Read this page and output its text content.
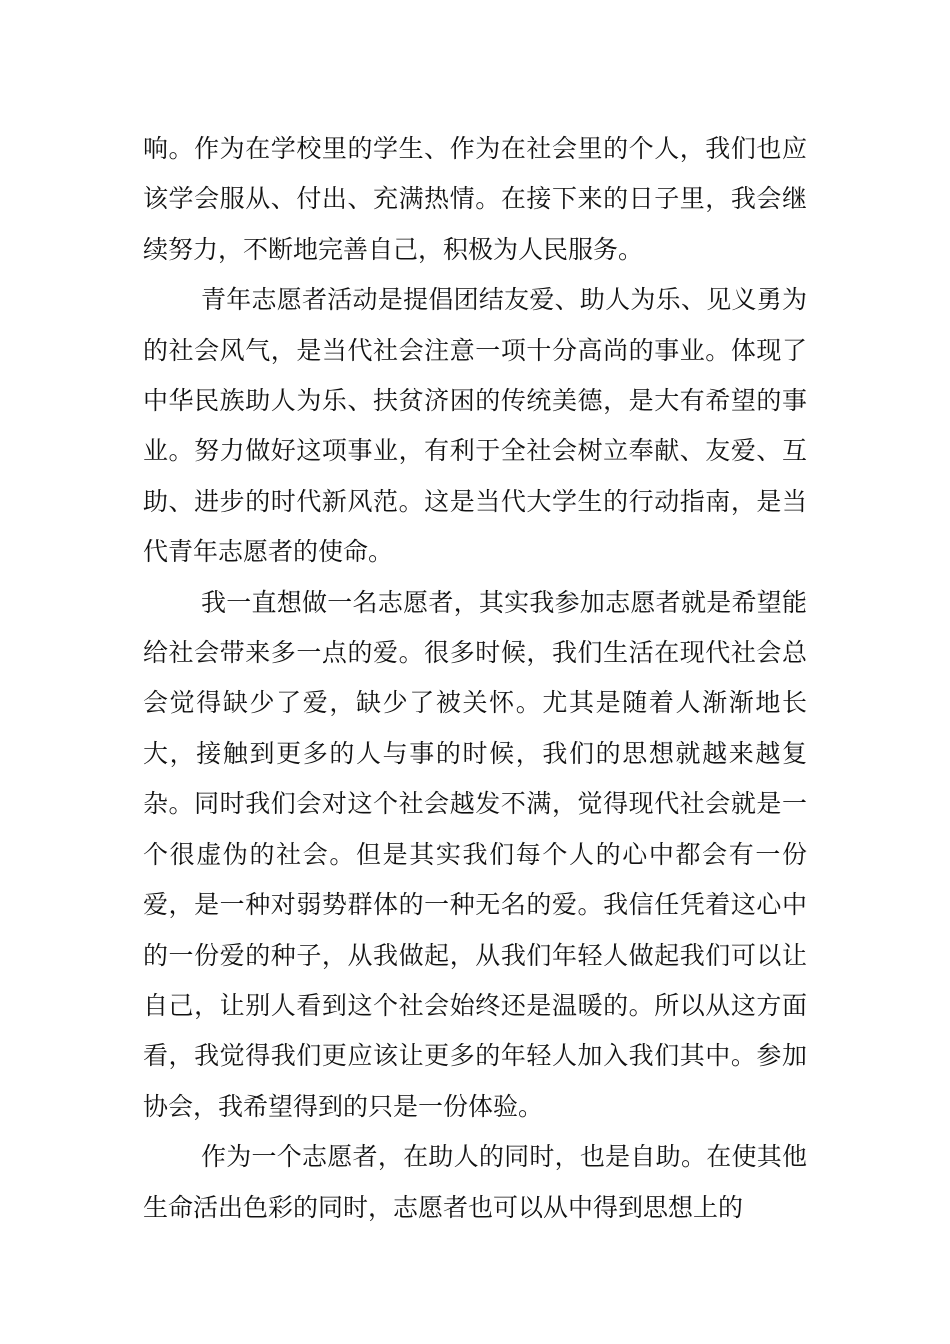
响。作为在学校里的学生、作为在社会里的个人，我们也应该学会服从、付出、充满热情。在接下来的日子里，我会继续努力，不断地完善自己，积极为人民服务。

青年志愿者活动是提倡团结友爱、助人为乐、见义勇为的社会风气，是当代社会注意一项十分高尚的事业。体现了中华民族助人为乐、扶贫济困的传统美德，是大有希望的事业。努力做好这项事业，有利于全社会树立奉献、友爱、互助、进步的时代新风范。这是当代大学生的行动指南，是当代青年志愿者的使命。

我一直想做一名志愿者，其实我参加志愿者就是希望能给社会带来多一点的爱。很多时候，我们生活在现代社会总会觉得缺少了爱，缺少了被关怀。尤其是随着人渐渐地长大，接触到更多的人与事的时候，我们的思想就越来越复杂。同时我们会对这个社会越发不满，觉得现代社会就是一个很虚伪的社会。但是其实我们每个人的心中都会有一份爱，是一种对弱势群体的一种无名的爱。我信任凭着这心中的一份爱的种子，从我做起，从我们年轻人做起我们可以让自己，让别人看到这个社会始终还是温暖的。所以从这方面看，我觉得我们更应该让更多的年轻人加入我们其中。参加协会，我希望得到的只是一份体验。

作为一个志愿者，在助人的同时，也是自助。在使其他生命活出色彩的同时，志愿者也可以从中得到思想上的
